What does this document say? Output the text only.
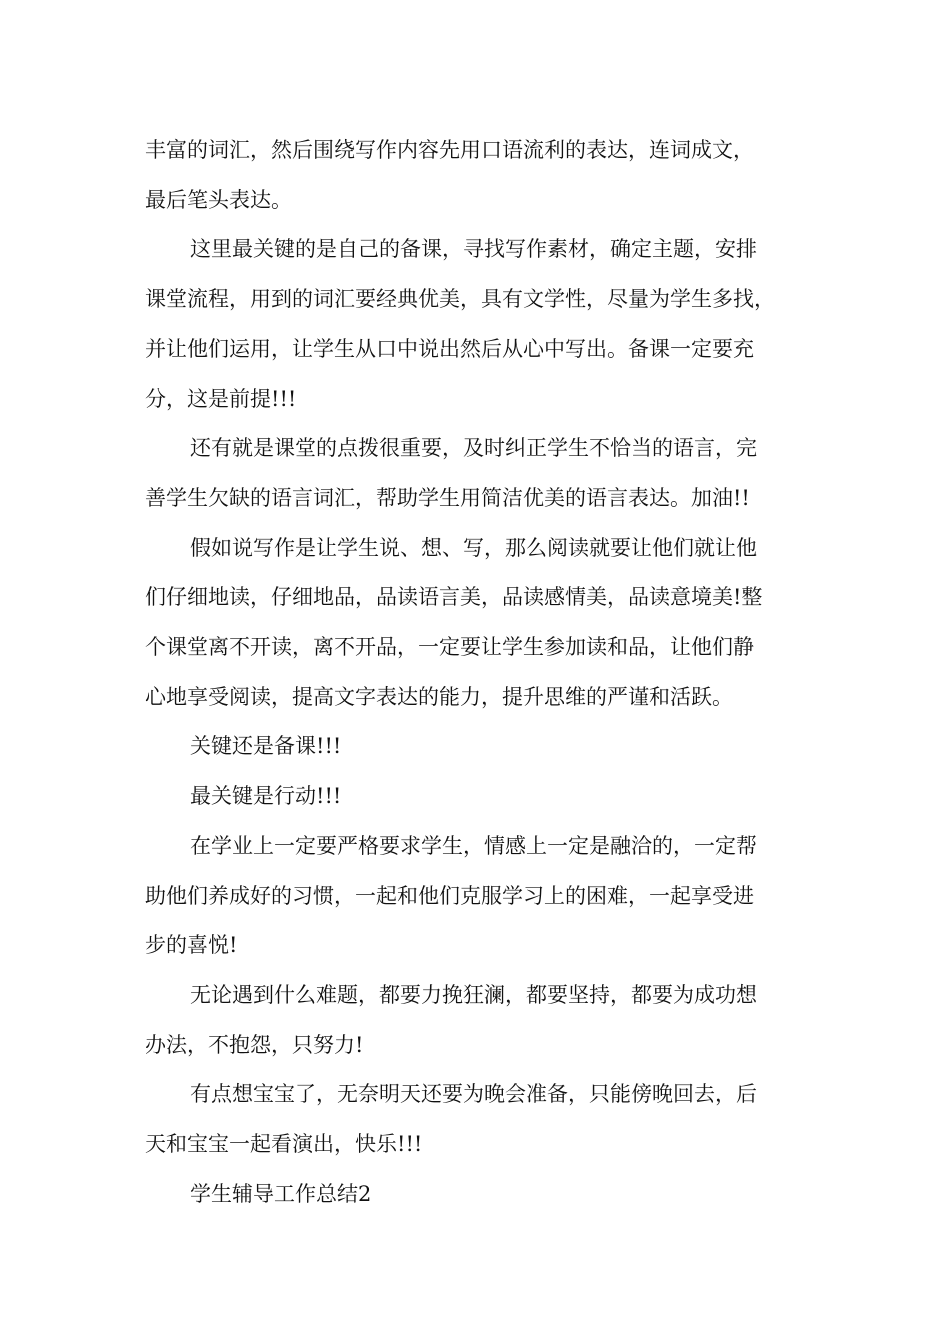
丰富的词汇，然后围绕写作内容先用口语流利的表达，连词成文，
最后笔头表达。
这里最关键的是自己的备课，寻找写作素材，确定主题，安排
课堂流程，用到的词汇要经典优美，具有文学性，尽量为学生多找，
并让他们运用，让学生从口中说出然后从心中写出。备课一定要充
分，这是前提!!!
还有就是课堂的点拨很重要，及时纠正学生不恰当的语言，完
善学生欠缺的语言词汇，帮助学生用简洁优美的语言表达。加油!!
假如说写作是让学生说、想、写，那么阅读就要让他们就让他
们仔细地读，仔细地品，品读语言美，品读感情美，品读意境美!整
个课堂离不开读，离不开品，一定要让学生参加读和品，让他们静
心地享受阅读，提高文字表达的能力，提升思维的严谨和活跃。
关键还是备课!!!
最关键是行动!!!
在学业上一定要严格要求学生，情感上一定是融洽的，一定帮
助他们养成好的习惯，一起和他们克服学习上的困难，一起享受进
步的喜悦!
无论遇到什么难题，都要力挽狂澜，都要坚持，都要为成功想
办法，不抱怨，只努力!
有点想宝宝了，无奈明天还要为晚会准备，只能傍晚回去，后
天和宝宝一起看演出，快乐!!!
学生辅导工作总结2
